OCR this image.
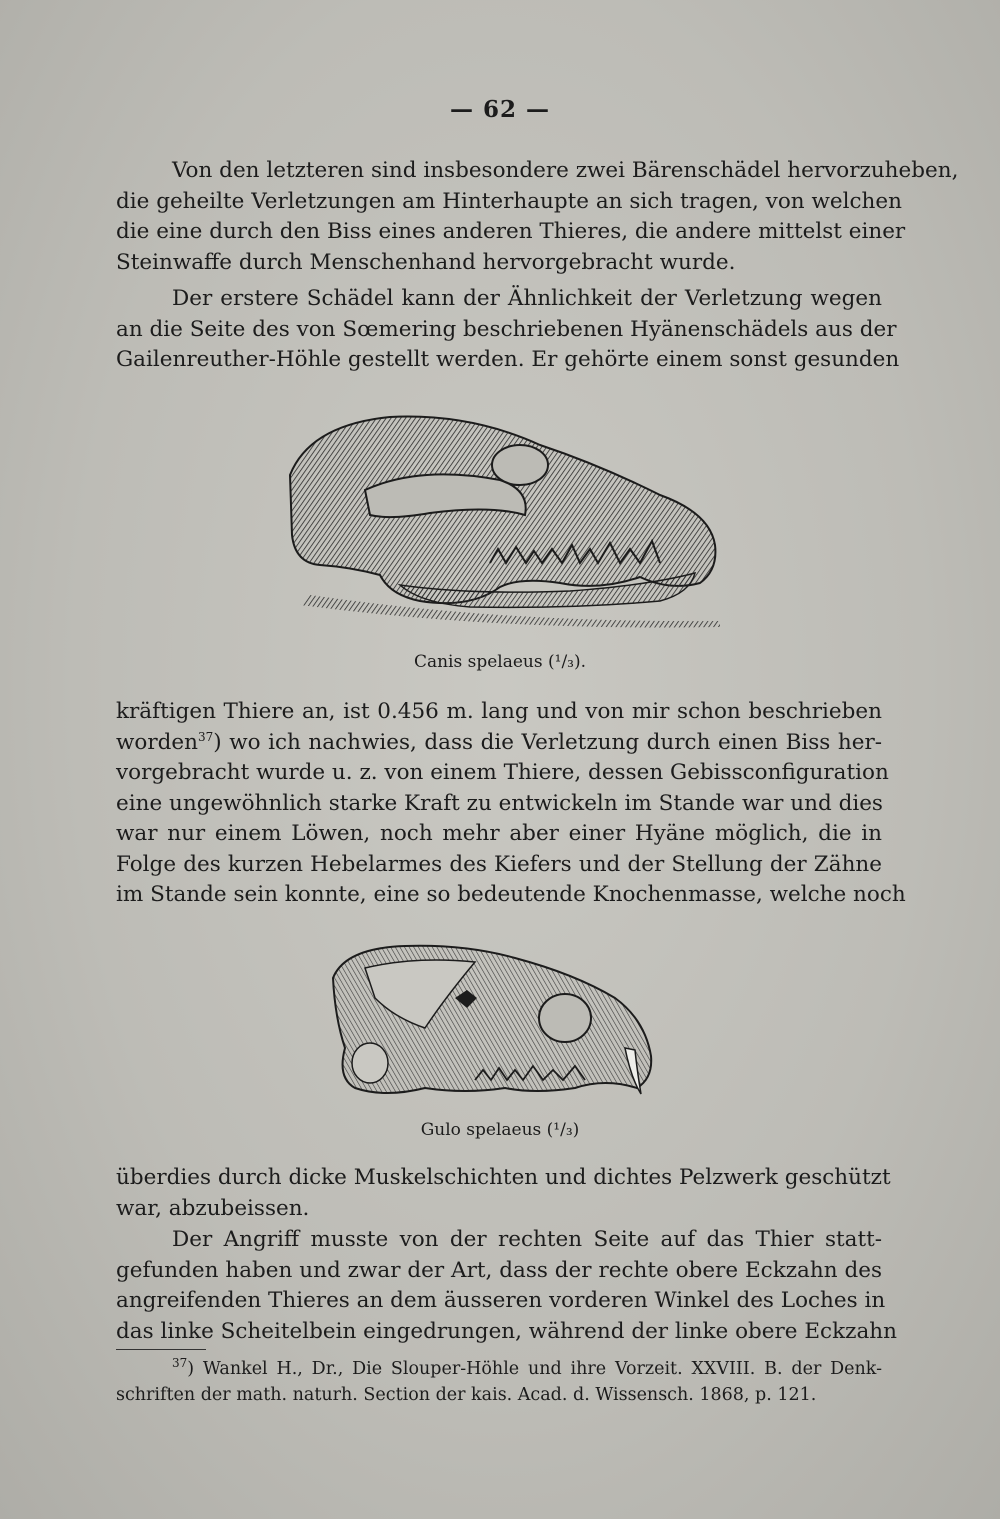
— 62 —
Von den letzteren sind insbesondere zwei Bärenschädel hervorzuheben,
die geheilte Verletzungen am Hinterhaupte an sich tragen, von welchen
die eine durch den Biss eines anderen Thieres, die andere mittelst einer
Steinwaffe durch Menschenhand hervorgebracht wurde.
Der erstere Schädel kann der Ähnlichkeit der Verletzung wegen
an die Seite des von Sœmering beschriebenen Hyänenschädels aus der
Gailenreuther-Höhle gestellt werden. Er gehörte einem sonst gesunden
Canis spelaeus (¹/₃).
kräftigen Thiere an, ist 0.456 m. lang und von mir schon beschrieben
worden$^{37}$) wo ich nachwies, dass die Verletzung durch einen Biss her-
vorgebracht wurde u. z. von einem Thiere, dessen Gebissconfiguration
eine ungewöhnlich starke Kraft zu entwickeln im Stande war und dies
war nur einem Löwen, noch mehr aber einer Hyäne möglich, die in
Folge des kurzen Hebelarmes des Kiefers und der Stellung der Zähne
im Stande sein konnte, eine so bedeutende Knochenmasse, welche noch
Gulo spelaeus (¹/₃)
überdies durch dicke Muskelschichten und dichtes Pelzwerk geschützt
war, abzubeissen.
Der Angriff musste von der rechten Seite auf das Thier statt-
gefunden haben und zwar der Art, dass der rechte obere Eckzahn des
angreifenden Thieres an dem äusseren vorderen Winkel des Loches in
das linke Scheitelbein eingedrungen, während der linke obere Eckzahn
$^{37}$) Wankel H., Dr., Die Slouper-Höhle und ihre Vorzeit. XXVIII. B. der Denk-
schriften der math. naturh. Section der kais. Acad. d. Wissensch. 1868, p. 121.
